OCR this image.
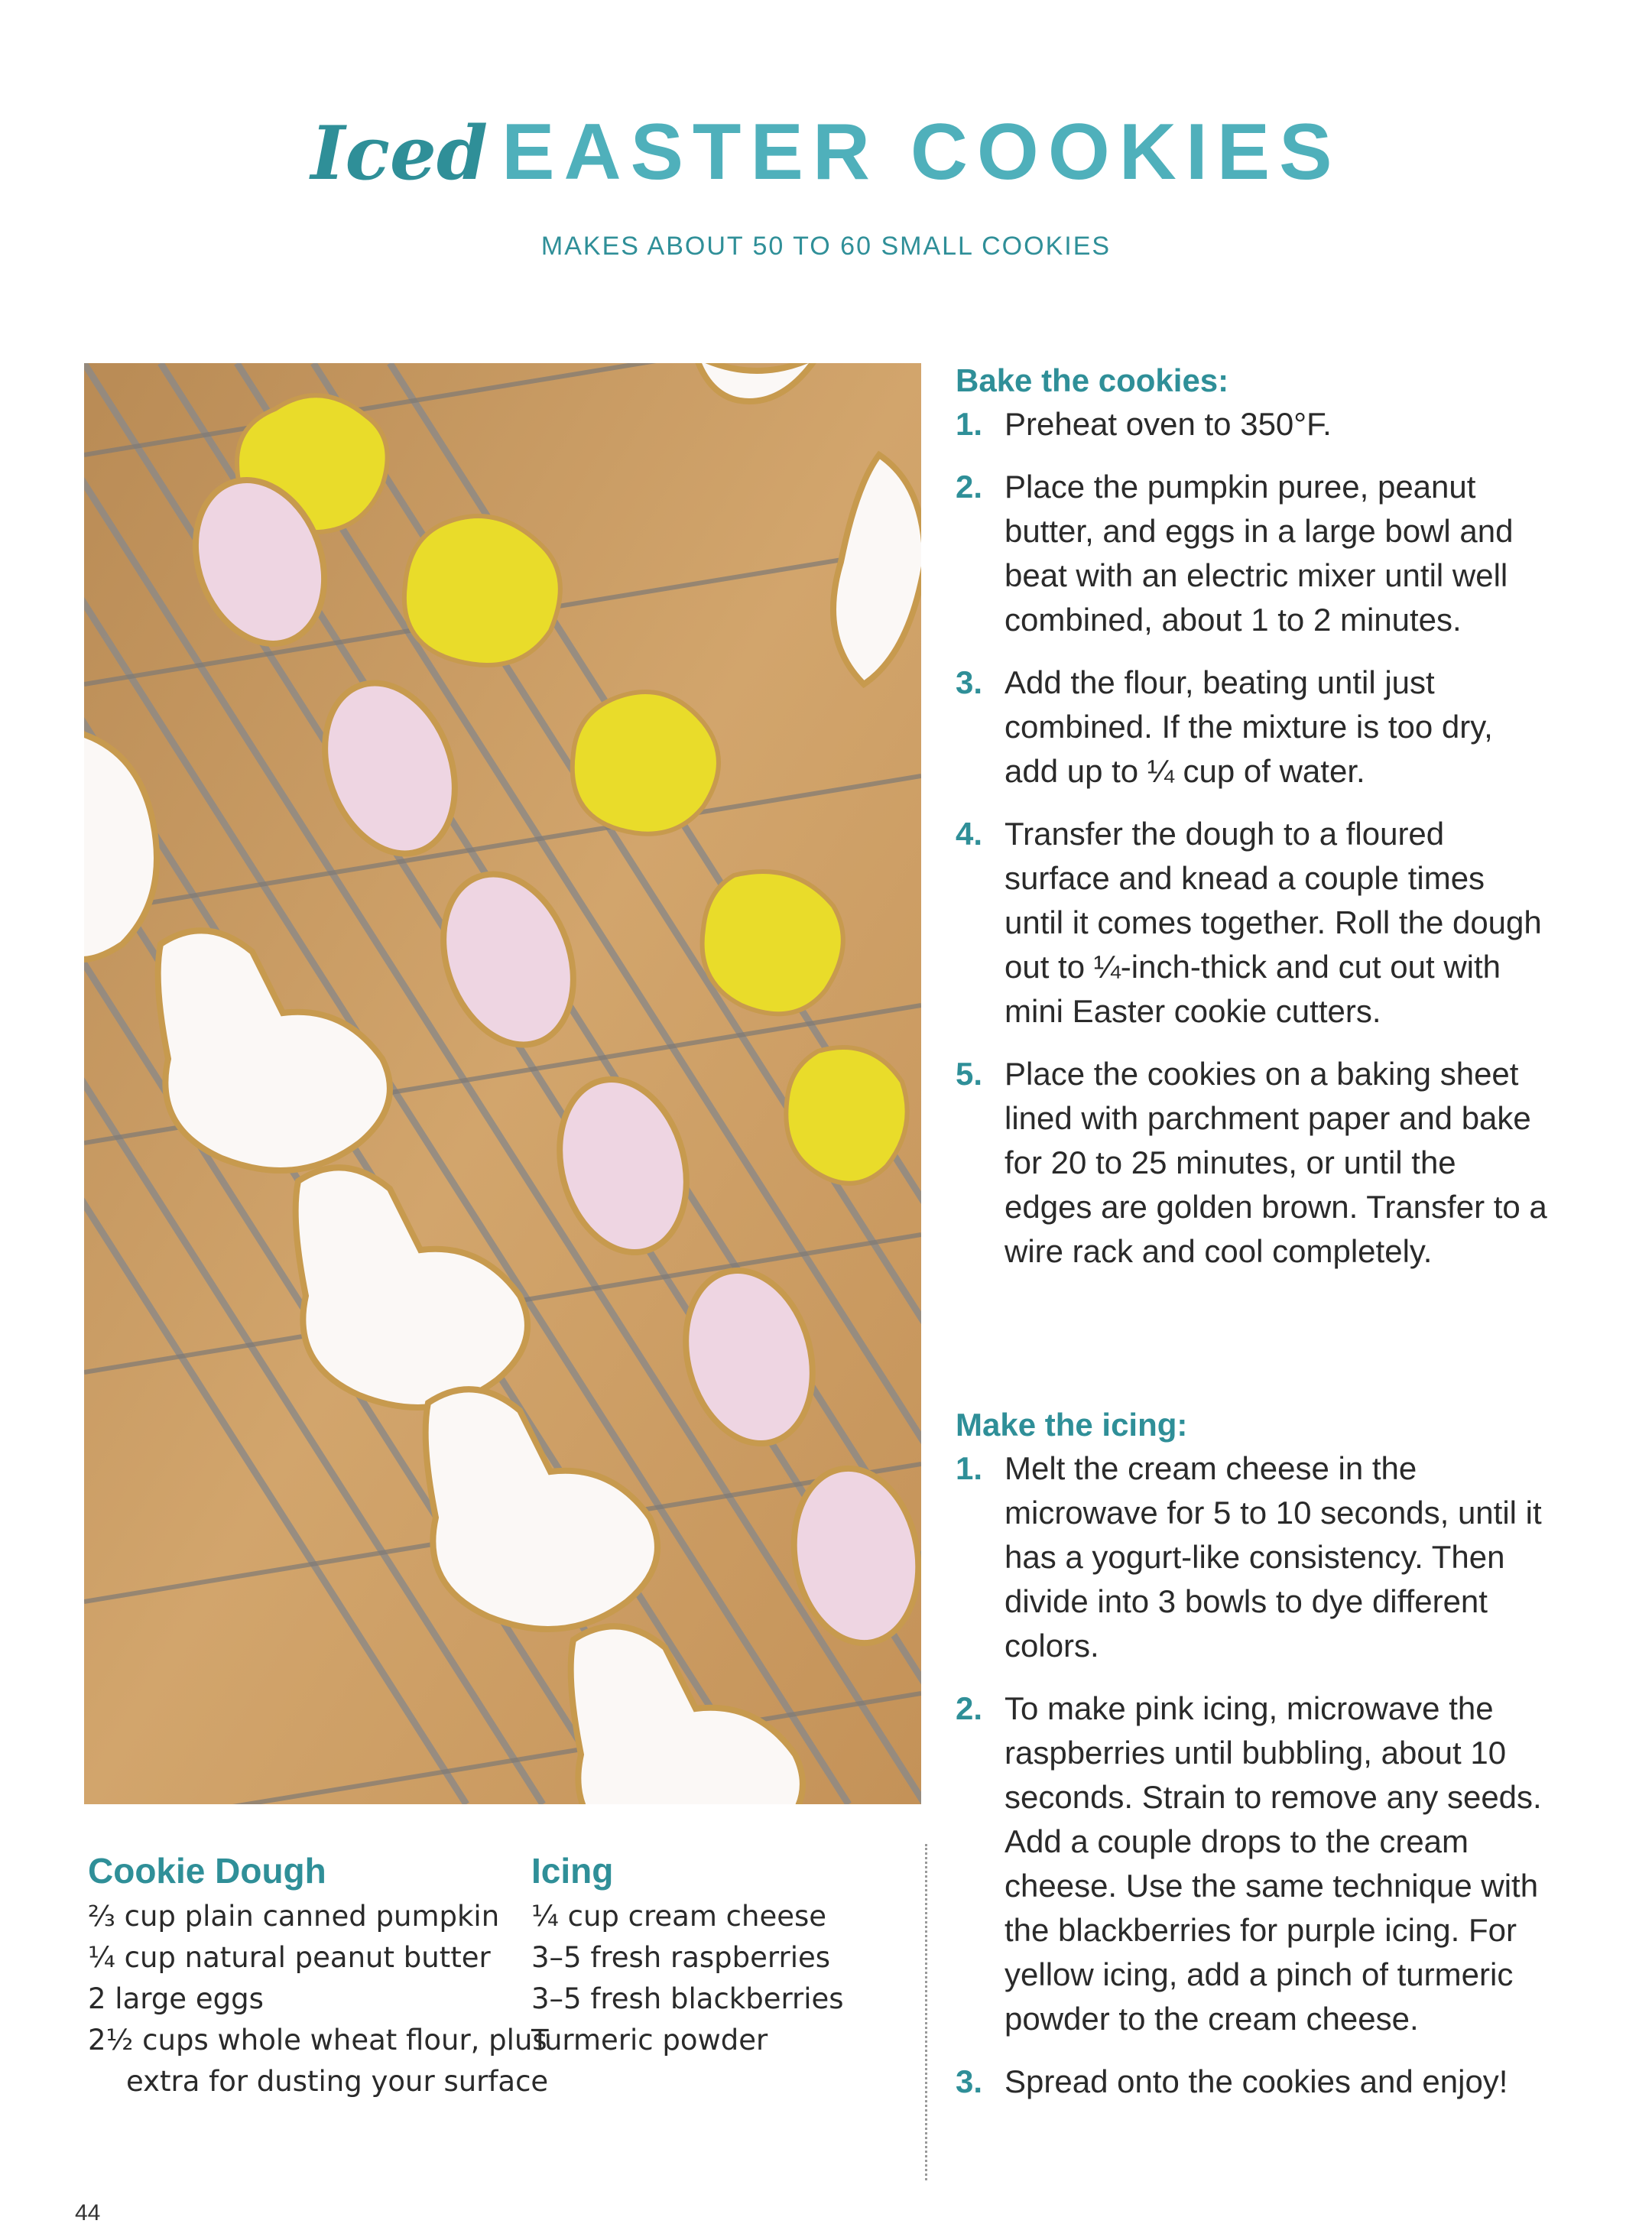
Iced EASTER COOKIES
MAKES ABOUT 50 TO 60 SMALL COOKIES
Cookie Dough
⅔ cup plain canned pumpkin
¼ cup natural peanut butter
2 large eggs
2½ cups whole wheat flour, plus extra for dusting your surface
Icing
¼ cup cream cheese
3–5 fresh raspberries
3–5 fresh blackberries
Turmeric powder
Bake the cookies:
1. Preheat oven to 350°F.
2. Place the pumpkin puree, peanut butter, and eggs in a large bowl and beat with an electric mixer until well combined, about 1 to 2 minutes.
3. Add the flour, beating until just combined. If the mixture is too dry, add up to ¼ cup of water.
4. Transfer the dough to a floured surface and knead a couple times until it comes together. Roll the dough out to ¼-inch-thick and cut out with mini Easter cookie cutters.
5. Place the cookies on a baking sheet lined with parchment paper and bake for 20 to 25 minutes, or until the edges are golden brown. Transfer to a wire rack and cool completely.
Make the icing:
1. Melt the cream cheese in the microwave for 5 to 10 seconds, until it has a yogurt-like consistency. Then divide into 3 bowls to dye different colors.
2. To make pink icing, microwave the raspberries until bubbling, about 10 seconds. Strain to remove any seeds. Add a couple drops to the cream cheese. Use the same technique with the blackberries for purple icing. For yellow icing, add a pinch of turmeric powder to the cream cheese.
3. Spread onto the cookies and enjoy!
44
